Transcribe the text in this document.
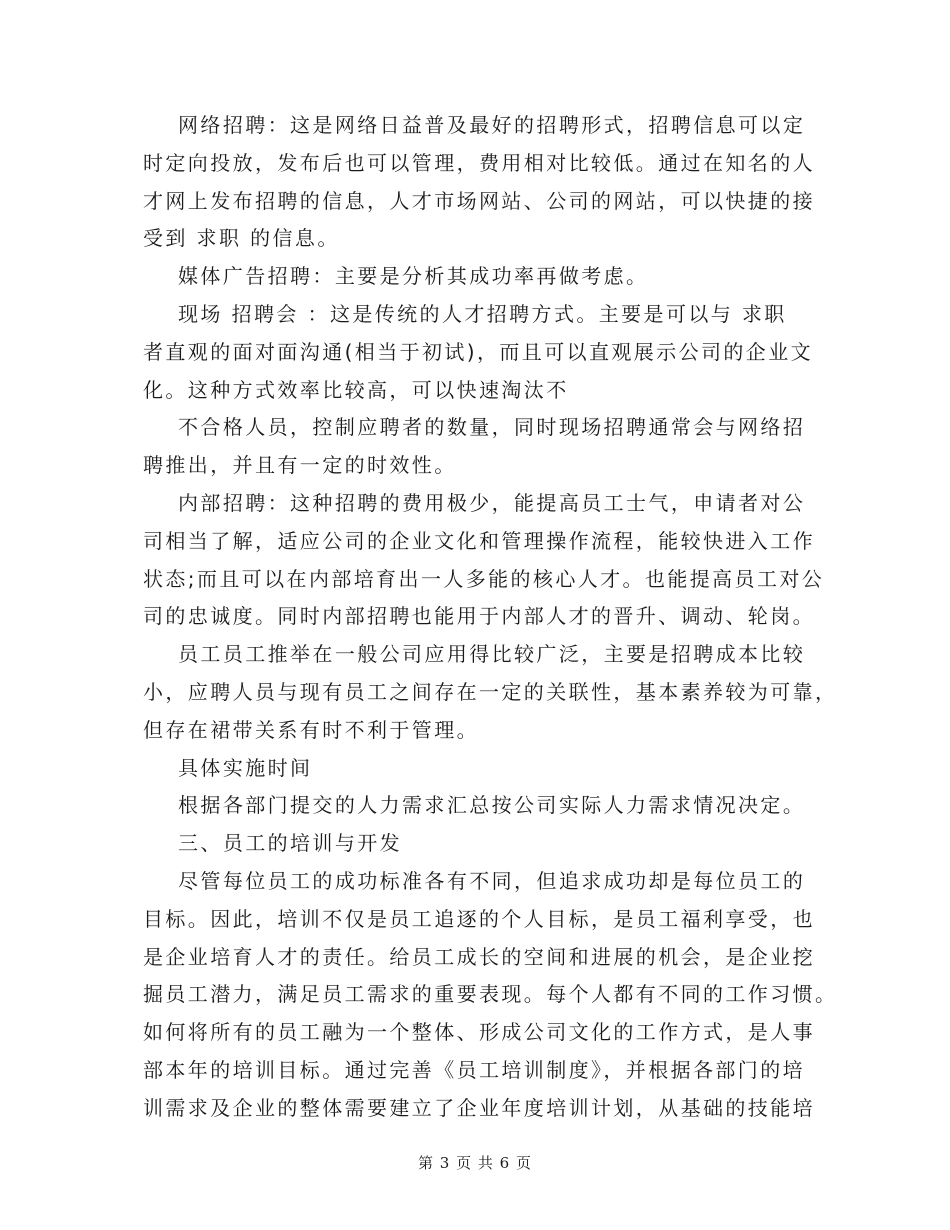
网络招聘：这是网络日益普及最好的招聘形式，招聘信息可以定
时定向投放，发布后也可以管理，费用相对比较低。通过在知名的人
才网上发布招聘的信息，人才市场网站、公司的网站，可以快捷的接
受到 求职 的信息。
媒体广告招聘：主要是分析其成功率再做考虑。
现场 招聘会 ：这是传统的人才招聘方式。主要是可以与 求职
者直观的面对面沟通(相当于初试)，而且可以直观展示公司的企业文
化。这种方式效率比较高，可以快速淘汰不
不合格人员，控制应聘者的数量，同时现场招聘通常会与网络招
聘推出，并且有一定的时效性。
内部招聘：这种招聘的费用极少，能提高员工士气，申请者对公
司相当了解，适应公司的企业文化和管理操作流程，能较快进入工作
状态;而且可以在内部培育出一人多能的核心人才。也能提高员工对公
司的忠诚度。同时内部招聘也能用于内部人才的晋升、调动、轮岗。
员工员工推举在一般公司应用得比较广泛，主要是招聘成本比较
小，应聘人员与现有员工之间存在一定的关联性，基本素养较为可靠，
但存在裙带关系有时不利于管理。
具体实施时间
根据各部门提交的人力需求汇总按公司实际人力需求情况决定。
三、员工的培训与开发
尽管每位员工的成功标准各有不同，但追求成功却是每位员工的
目标。因此，培训不仅是员工追逐的个人目标，是员工福利享受，也
是企业培育人才的责任。给员工成长的空间和进展的机会，是企业挖
掘员工潜力，满足员工需求的重要表现。每个人都有不同的工作习惯。
如何将所有的员工融为一个整体、形成公司文化的工作方式，是人事
部本年的培训目标。通过完善《员工培训制度》，并根据各部门的培
训需求及企业的整体需要建立了企业年度培训计划，从基础的技能培
第 3 页 共 6 页
